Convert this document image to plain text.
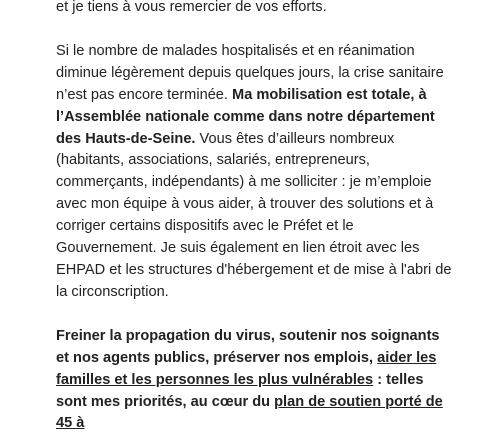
et je tiens à vous remercier de vos efforts.

Si le nombre de malades hospitalisés et en réanimation diminue légèrement depuis quelques jours, la crise sanitaire n’est pas encore terminée. Ma mobilisation est totale, à l’Assemblée nationale comme dans notre département des Hauts-de-Seine. Vous êtes d’ailleurs nombreux (habitants, associations, salariés, entrepreneurs, commerçants, indépendants) à me solliciter : je m’emploie avec mon équipe à vous aider, à trouver des solutions et à corriger certains dispositifs avec le Préfet et le Gouvernement. Je suis également en lien étroit avec les EHPAD et les structures d'hébergement et de mise à l'abri de la circonscription.

Freiner la propagation du virus, soutenir nos soignants et nos agents publics, préserver nos emplois, aider les familles et les personnes les plus vulnérables : telles sont mes priorités, au cœur du plan de soutien porté de 45 à
